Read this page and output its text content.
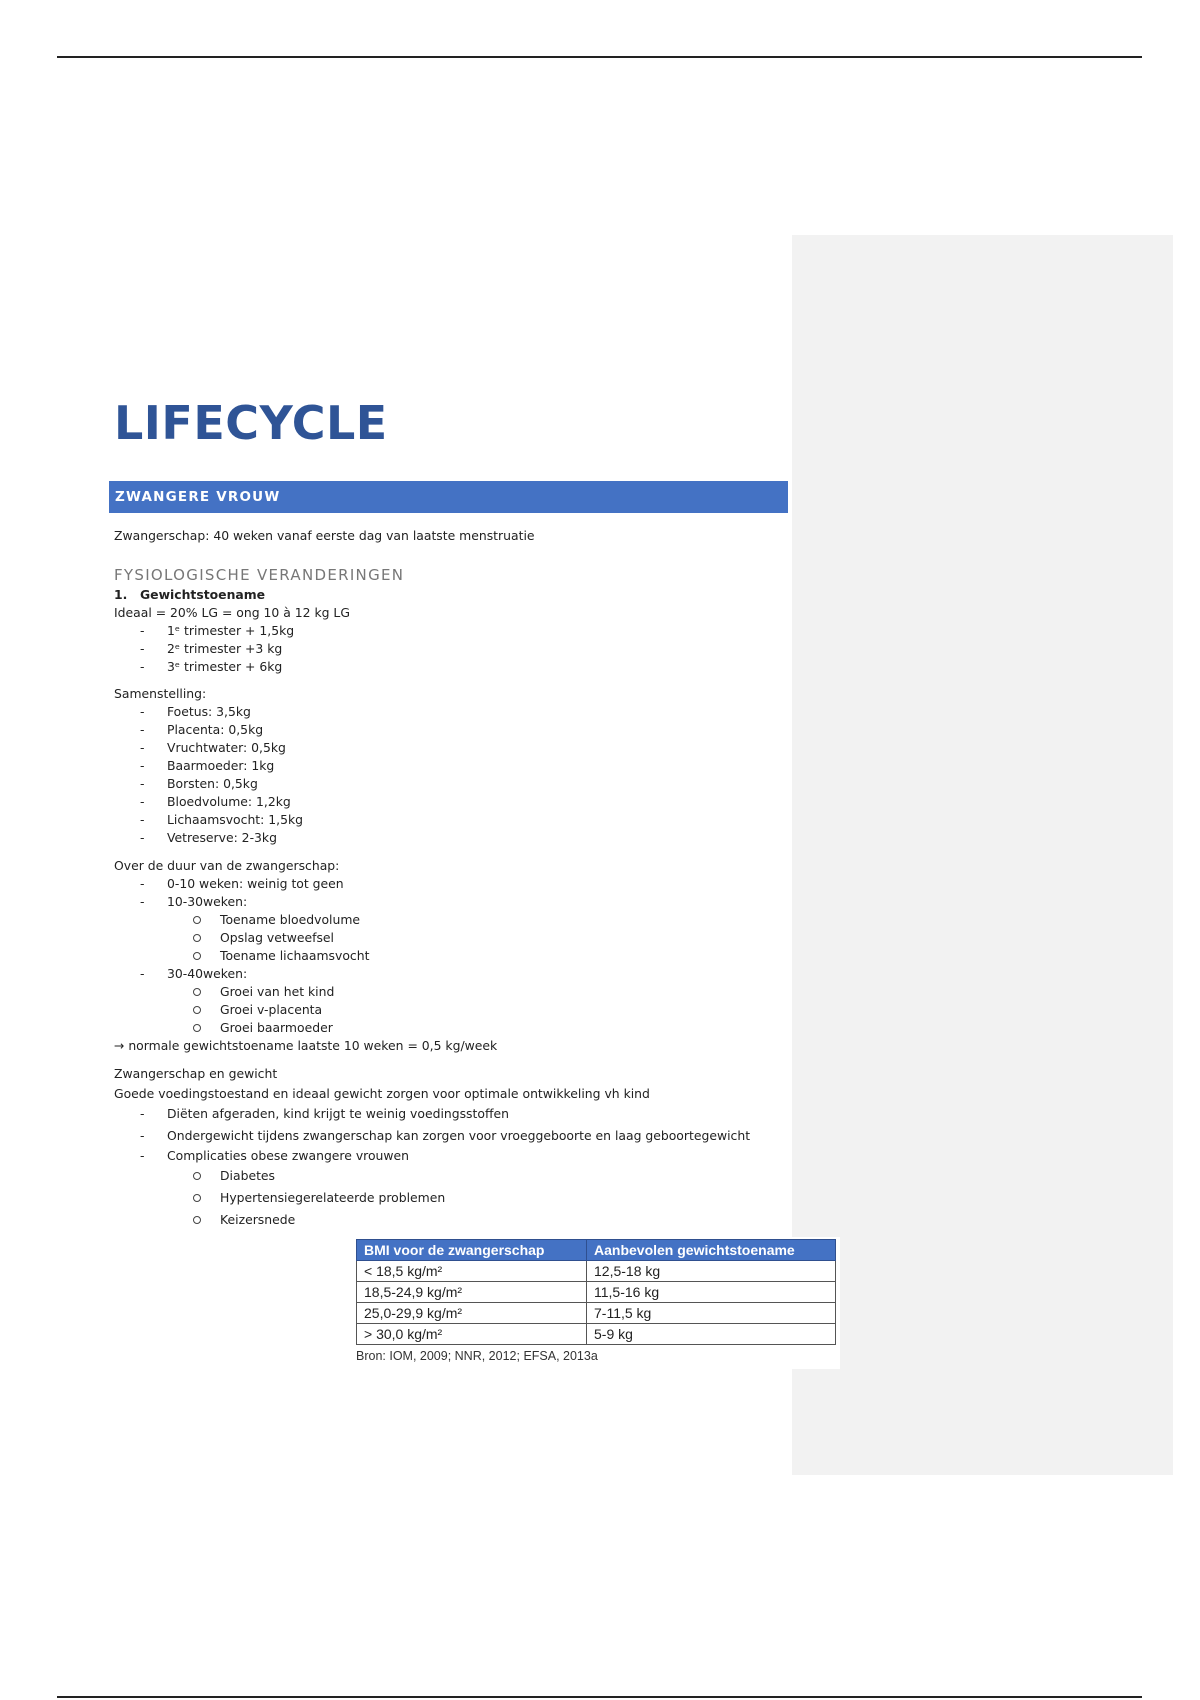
LIFECYCLE
ZWANGERE VROUW
Zwangerschap: 40 weken vanaf eerste dag van laatste menstruatie
FYSIOLOGISCHE VERANDERINGEN
1. Gewichtstoename
Ideaal = 20% LG = ong 10 à 12 kg LG
- 1ᵉ trimester + 1,5kg
- 2ᵉ trimester +3 kg
- 3ᵉ trimester + 6kg
Samenstelling:
- Foetus: 3,5kg
- Placenta: 0,5kg
- Vruchtwater: 0,5kg
- Baarmoeder: 1kg
- Borsten: 0,5kg
- Bloedvolume: 1,2kg
- Lichaamsvocht: 1,5kg
- Vetreserve: 2-3kg
Over de duur van de zwangerschap:
- 0-10 weken: weinig tot geen
- 10-30weken:
Toename bloedvolume
Opslag vetweefsel
Toename lichaamsvocht
- 30-40weken:
Groei van het kind
Groei v-placenta
Groei baarmoeder
→ normale gewichtstoename laatste 10 weken = 0,5 kg/week
Zwangerschap en gewicht
Goede voedingstoestand en ideaal gewicht zorgen voor optimale ontwikkeling vh kind
- Diëten afgeraden, kind krijgt te weinig voedingsstoffen
- Ondergewicht tijdens zwangerschap kan zorgen voor vroeggeboorte en laag geboortegewicht
- Complicaties obese zwangere vrouwen
Diabetes
Hypertensiegerelateerde problemen
Keizersnede
BMI voor de zwangerschap	Aanbevolen gewichtstoename
< 18,5 kg/m²	12,5-18 kg
18,5-24,9 kg/m²	11,5-16 kg
25,0-29,9 kg/m²	7-11,5 kg
> 30,0 kg/m²	5-9 kg
Bron: IOM, 2009; NNR, 2012; EFSA, 2013a
